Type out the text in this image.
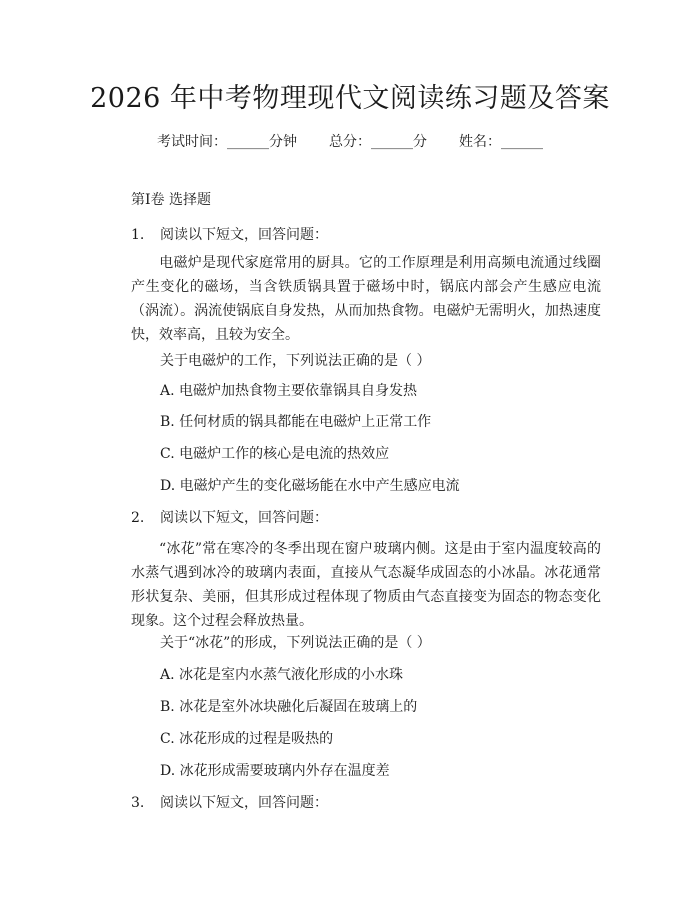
2026 年中考物理现代文阅读练习题及答案
考试时间：______分钟 总分：______分 姓名：______
第Ⅰ卷 选择题
1. 阅读以下短文，回答问题：
电磁炉是现代家庭常用的厨具。它的工作原理是利用高频电流通过线圈产生变化的磁场，当含铁质锅具置于磁场中时，锅底内部会产生感应电流（涡流）。涡流使锅底自身发热，从而加热食物。电磁炉无需明火，加热速度快，效率高，且较为安全。
关于电磁炉的工作，下列说法正确的是（ ）
A. 电磁炉加热食物主要依靠锅具自身发热
B. 任何材质的锅具都能在电磁炉上正常工作
C. 电磁炉工作的核心是电流的热效应
D. 电磁炉产生的变化磁场能在水中产生感应电流
2. 阅读以下短文，回答问题：
“冰花”常在寒冷的冬季出现在窗户玻璃内侧。这是由于室内温度较高的水蒸气遇到冰冷的玻璃内表面，直接从气态凝华成固态的小冰晶。冰花通常形状复杂、美丽，但其形成过程体现了物质由气态直接变为固态的物态变化现象。这个过程会释放热量。
关于“冰花”的形成，下列说法正确的是（ ）
A. 冰花是室内水蒸气液化形成的小水珠
B. 冰花是室外冰块融化后凝固在玻璃上的
C. 冰花形成的过程是吸热的
D. 冰花形成需要玻璃内外存在温度差
3. 阅读以下短文，回答问题：
